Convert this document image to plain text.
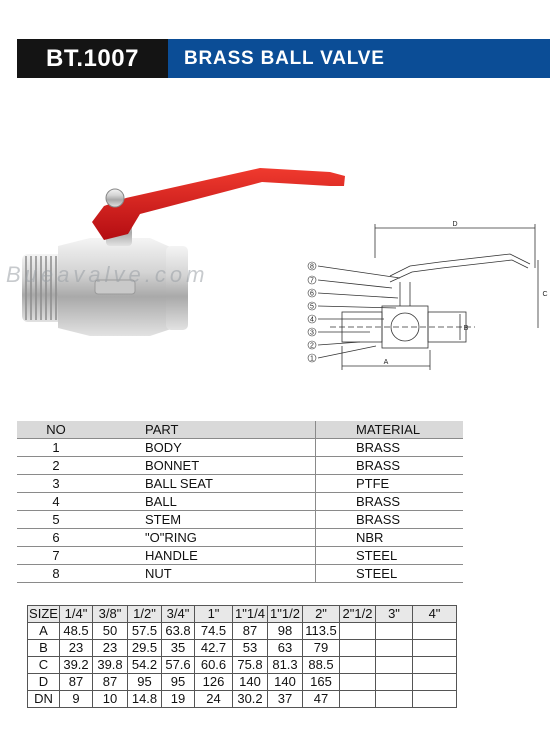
BT.1007	BRASS BALL VALVE
Bueavalve.com	8
7
6
5
4
3
2
1
D
C
A
B
NO	PART	MATERIAL
1	BODY	BRASS
2	BONNET	BRASS
3	BALL SEAT	PTFE
4	BALL	BRASS
5	STEM	BRASS
6	"O"RING	NBR
7	HANDLE	STEEL
8	NUT	STEEL
SIZE	1/4"	3/8"	1/2"	3/4"	1"	1"1/4	1"1/2	2"	2"1/2	3"	4"
A	48.5	50	57.5	63.8	74.5	87	98	113.5			
B	23	23	29.5	35	42.7	53	63	79			
C	39.2	39.8	54.2	57.6	60.6	75.8	81.3	88.5			
D	87	87	95	95	126	140	140	165			
DN	9	10	14.8	19	24	30.2	37	47			
